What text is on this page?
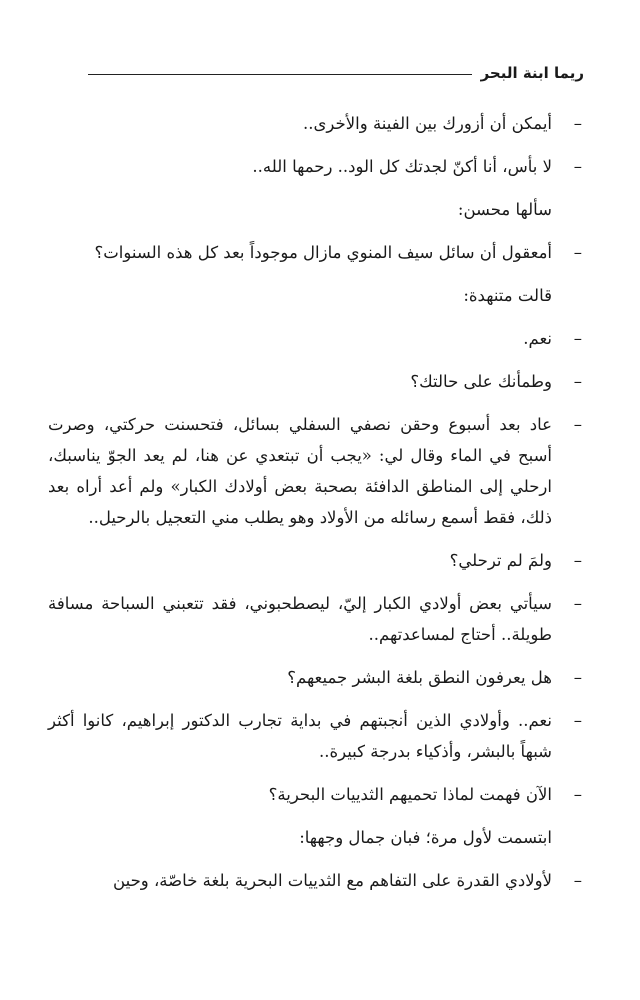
ريما ابنة البحر

–
أيمكن أن أزورك بين الفينة والأخرى..

–
لا بأس، أنا أكنّ لجدتك كل الود.. رحمها الله..

سألها محسن:

–
أمعقول أن سائل سيف المنوي مازال موجوداً بعد كل هذه السنوات؟

قالت متنهدة:

–
نعم.

–
وطمأنك على حالتك؟

–
عاد بعد أسبوع وحقن نصفي السفلي بسائل، فتحسنت حركتي، وصرت أسبح في الماء وقال لي: «يجب أن تبتعدي عن هنا، لم يعد الجوّ يناسبك، ارحلي إلى المناطق الدافئة بصحبة بعض أولادك الكبار» ولم أعد أراه بعد ذلك، فقط أسمع رسائله من الأولاد وهو يطلب مني التعجيل بالرحيل..

–
ولمَ لم ترحلي؟

–
سيأتي بعض أولادي الكبار إليّ، ليصطحبوني، فقد تتعبني السباحة مسافة طويلة.. أحتاج لمساعدتهم..

–
هل يعرفون النطق بلغة البشر جميعهم؟

–
نعم.. وأولادي الذين أنجبتهم في بداية تجارب الدكتور إبراهيم، كانوا أكثر شبهاً بالبشر، وأذكياء بدرجة كبيرة..

–
الآن فهمت لماذا تحميهم الثدييات البحرية؟

ابتسمت لأول مرة؛ فبان جمال وجهها:

–
لأولادي القدرة على التفاهم مع الثدييات البحرية بلغة خاصّة، وحين
